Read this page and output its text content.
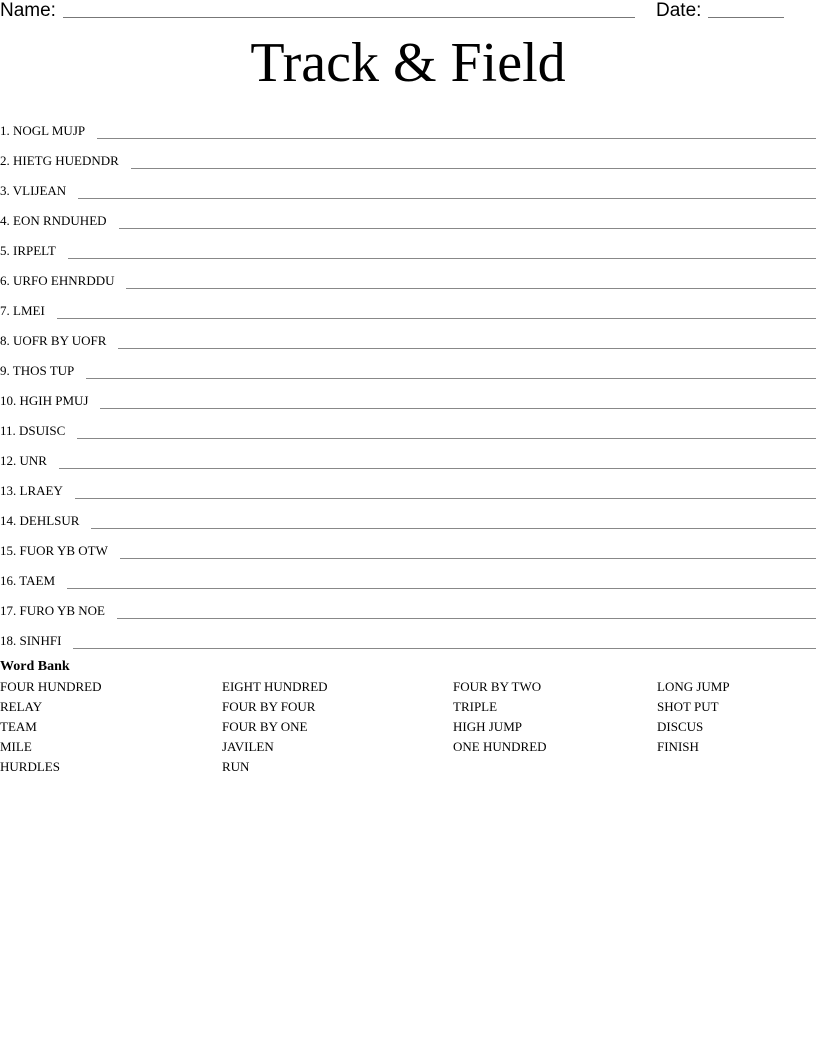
Name:	Date:
Track & Field
1. NOGL MUJP
2. HIETG HUEDNDR
3. VLIJEAN
4. EON RNDUHED
5. IRPELT
6. URFO EHNRDDU
7. LMEI
8. UOFR BY UOFR
9. THOS TUP
10. HGIH PMUJ
11. DSUISC
12. UNR
13. LRAEY
14. DEHLSUR
15. FUOR YB OTW
16. TAEM
17. FURO YB NOE
18. SINHFI
Word Bank
FOUR HUNDRED	EIGHT HUNDRED	FOUR BY TWO	LONG JUMP
RELAY	FOUR BY FOUR	TRIPLE	SHOT PUT
TEAM	FOUR BY ONE	HIGH JUMP	DISCUS
MILE	JAVILEN	ONE HUNDRED	FINISH
HURDLES	RUN
